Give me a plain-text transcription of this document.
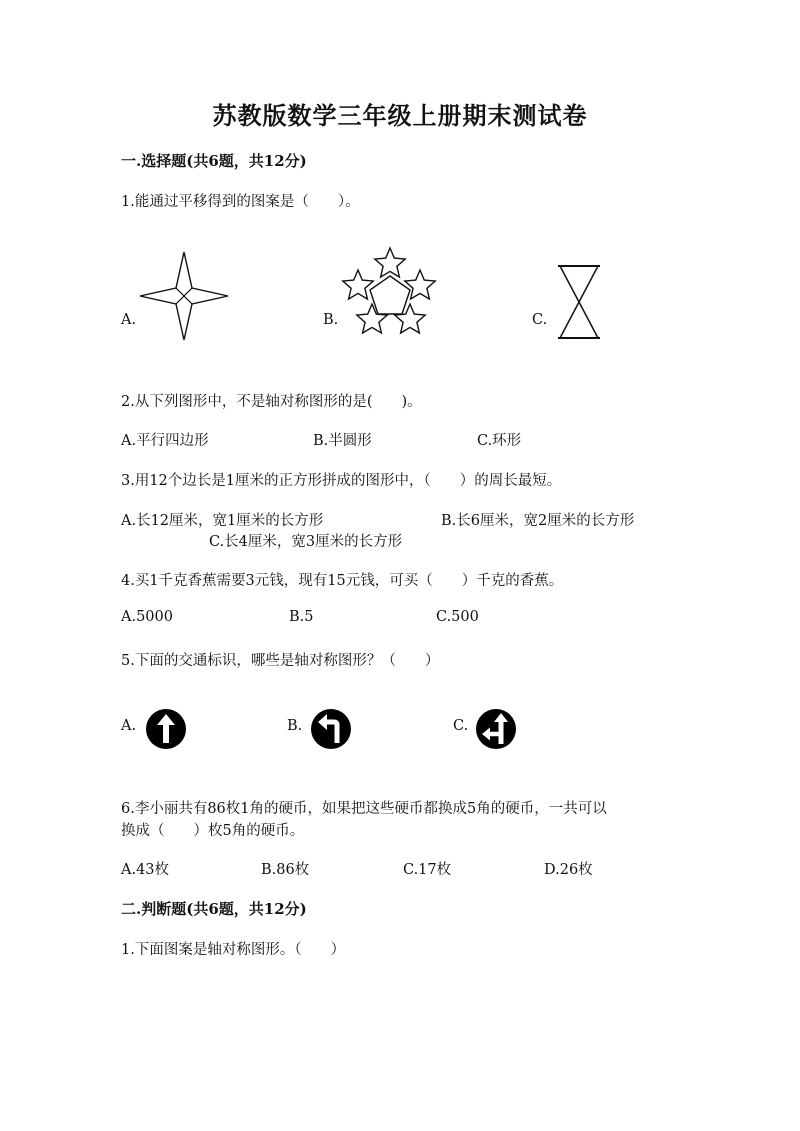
苏教版数学三年级上册期末测试卷
一.选择题(共6题，共12分)
1.能通过平移得到的图案是（　　）。
A.	B.	C.
2.从下列图形中，不是轴对称图形的是(　　)。
A.平行四边形	B.半圆形	C.环形
3.用12个边长是1厘米的正方形拼成的图形中，（　　）的周长最短。
A.长12厘米，宽1厘米的长方形	B.长6厘米，宽2厘米的长方形
C.长4厘米，宽3厘米的长方形
4.买1千克香蕉需要3元钱，现有15元钱，可买（　　）千克的香蕉。
A.5000	B.5	C.500
5.下面的交通标识，哪些是轴对称图形？（　　）
A.	B.	C.
6.李小丽共有86枚1角的硬币，如果把这些硬币都换成5角的硬币，一共可以
换成（　　）枚5角的硬币。
A.43枚	B.86枚	C.17枚	D.26枚
二.判断题(共6题，共12分)
1.下面图案是轴对称图形。（　　）
